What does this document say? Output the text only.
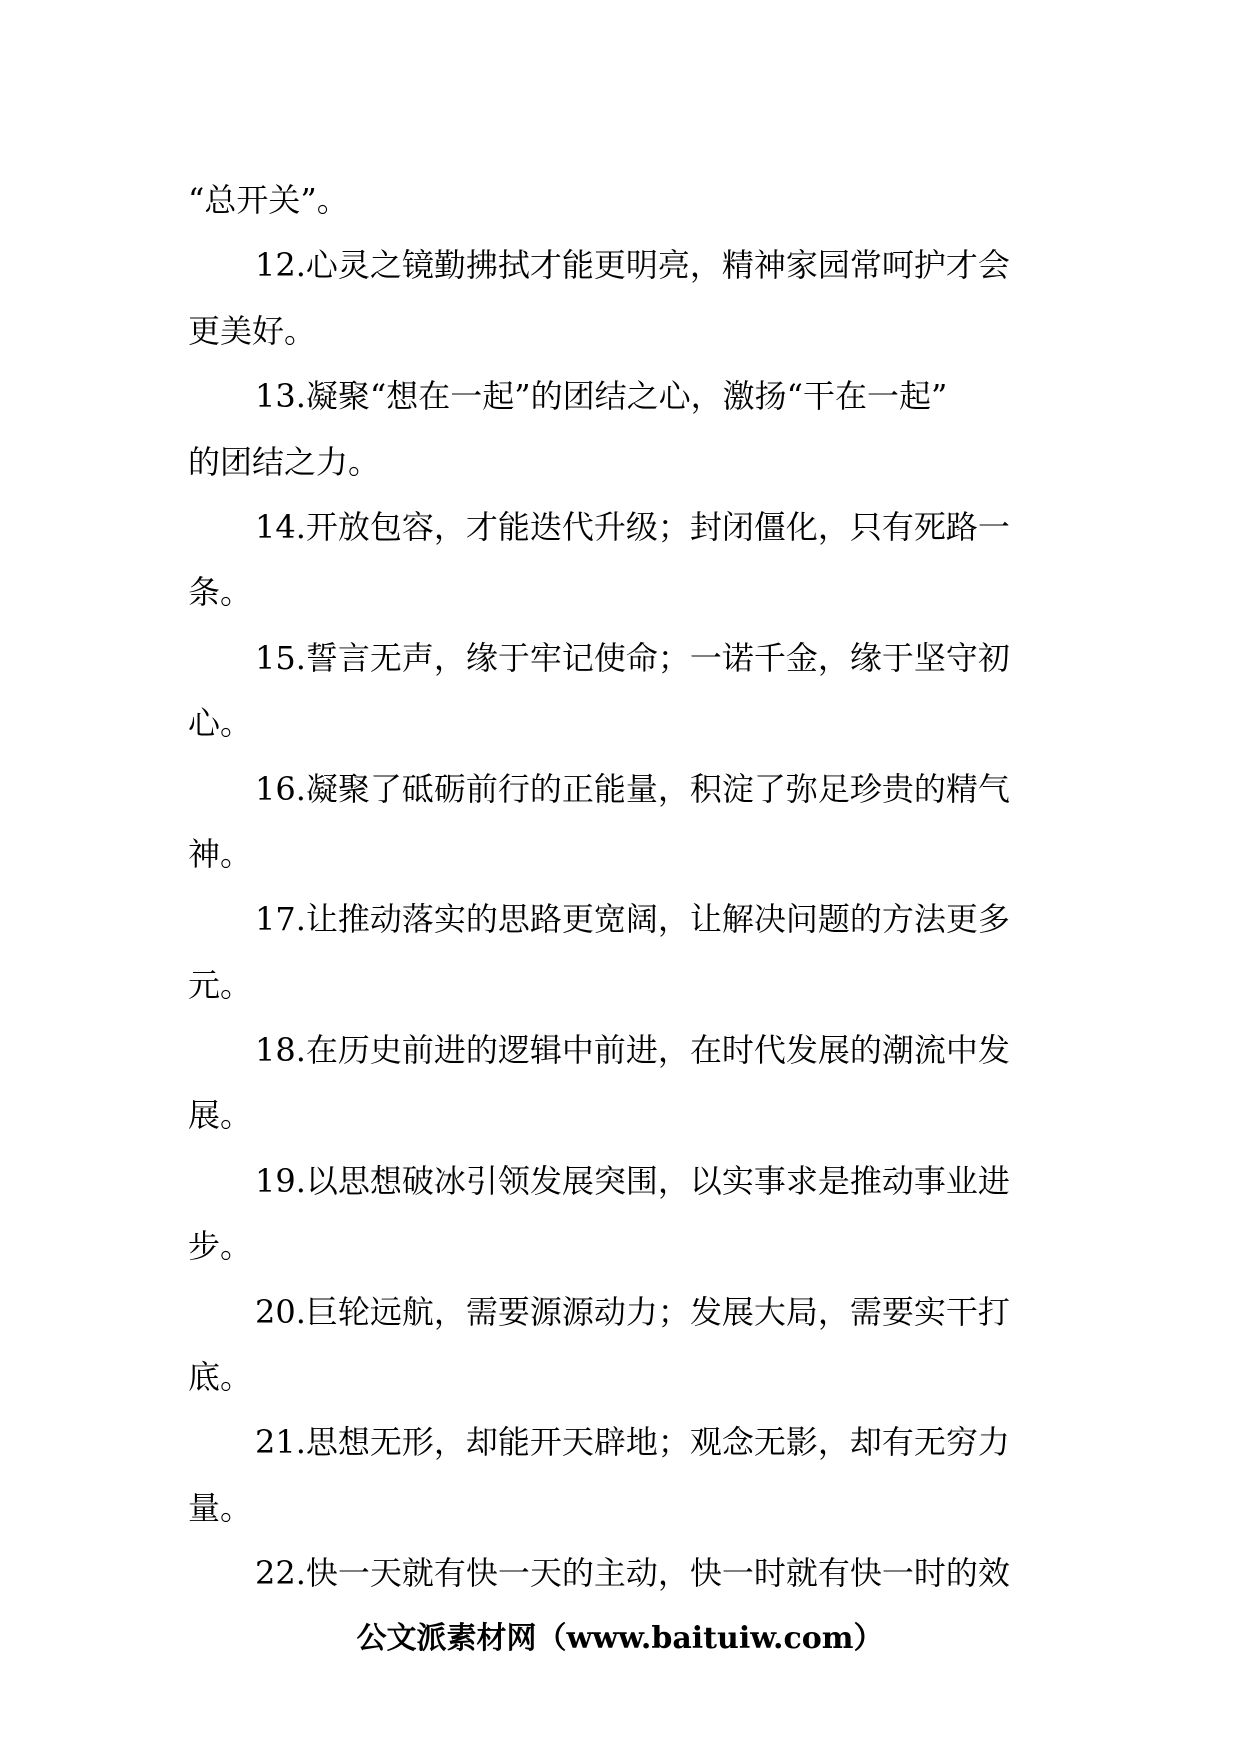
“总开关”。
12.心灵之镜勤拂拭才能更明亮，精神家园常呵护才会
更美好。
13.凝聚“想在一起”的团结之心，激扬“干在一起”
的团结之力。
14.开放包容，才能迭代升级；封闭僵化，只有死路一
条。
15.誓言无声，缘于牢记使命；一诺千金，缘于坚守初
心。
16.凝聚了砥砺前行的正能量，积淀了弥足珍贵的精气
神。
17.让推动落实的思路更宽阔，让解决问题的方法更多
元。
18.在历史前进的逻辑中前进，在时代发展的潮流中发
展。
19.以思想破冰引领发展突围，以实事求是推动事业进
步。
20.巨轮远航，需要源源动力；发展大局，需要实干打
底。
21.思想无形，却能开天辟地；观念无影，却有无穷力
量。
22.快一天就有快一天的主动，快一时就有快一时的效
公文派素材网（www.baituiw.com）
